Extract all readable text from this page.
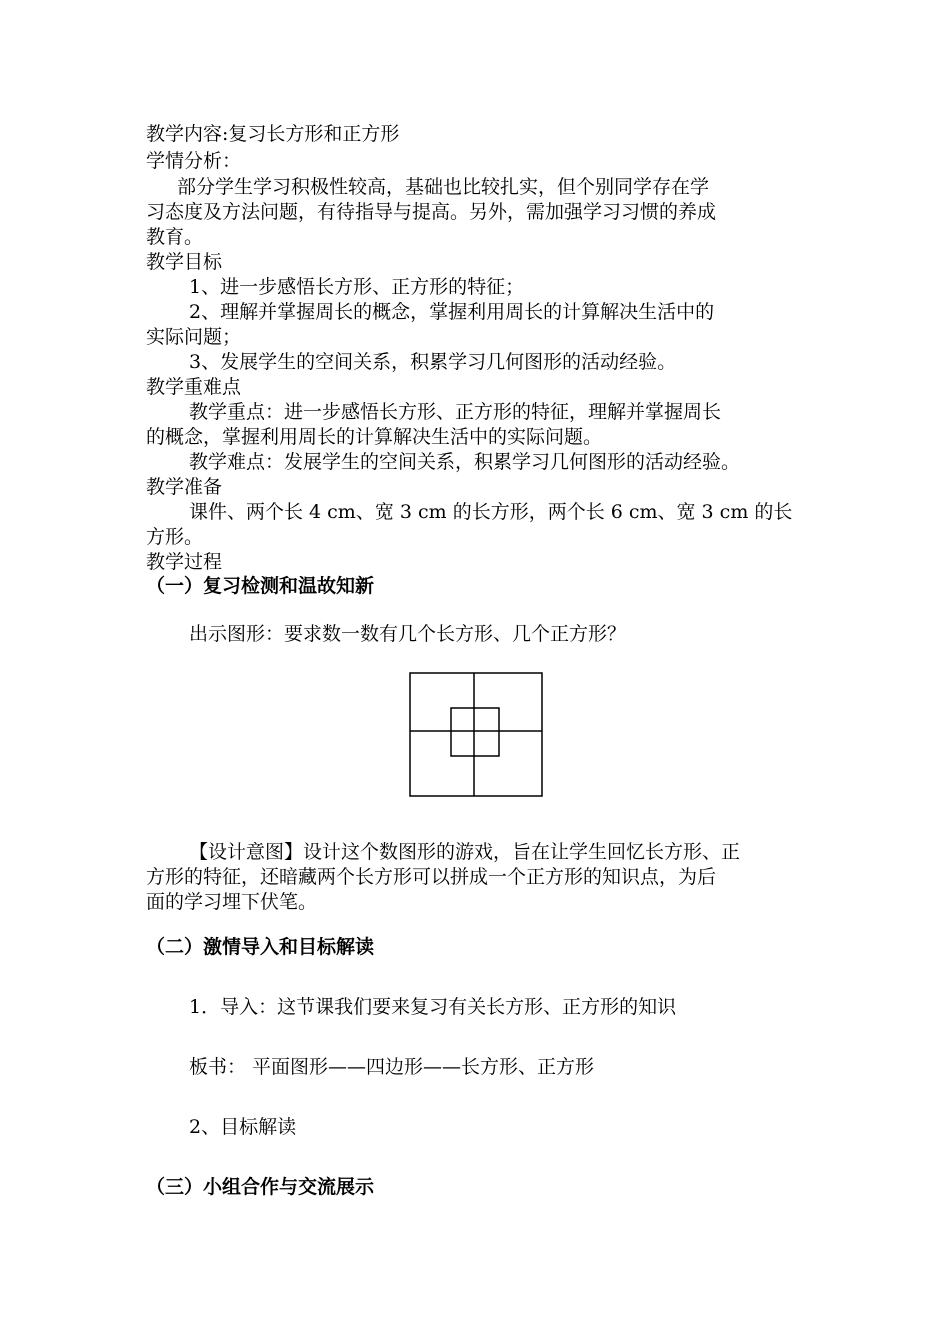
教学内容:复习长方形和正方形
学情分析：
部分学生学习积极性较高，基础也比较扎实，但个别同学存在学
习态度及方法问题，有待指导与提高。另外，需加强学习习惯的养成
教育。
教学目标
1、进一步感悟长方形、正方形的特征；
2、理解并掌握周长的概念，掌握利用周长的计算解决生活中的
实际问题；
3、发展学生的空间关系，积累学习几何图形的活动经验。
教学重难点
教学重点：进一步感悟长方形、正方形的特征，理解并掌握周长
的概念，掌握利用周长的计算解决生活中的实际问题。
教学难点：发展学生的空间关系，积累学习几何图形的活动经验。
教学准备
课件、两个长 4 cm、宽 3 cm 的长方形，两个长 6 cm、宽 3 cm 的长
方形。
教学过程
（一）复习检测和温故知新
出示图形：要求数一数有几个长方形、几个正方形？
【设计意图】设计这个数图形的游戏，旨在让学生回忆长方形、正
方形的特征，还暗藏两个长方形可以拼成一个正方形的知识点，为后
面的学习埋下伏笔。
（二）激情导入和目标解读
1．导入：这节课我们要来复习有关长方形、正方形的知识
板书： 平面图形——四边形——长方形、正方形
2、目标解读
（三）小组合作与交流展示
